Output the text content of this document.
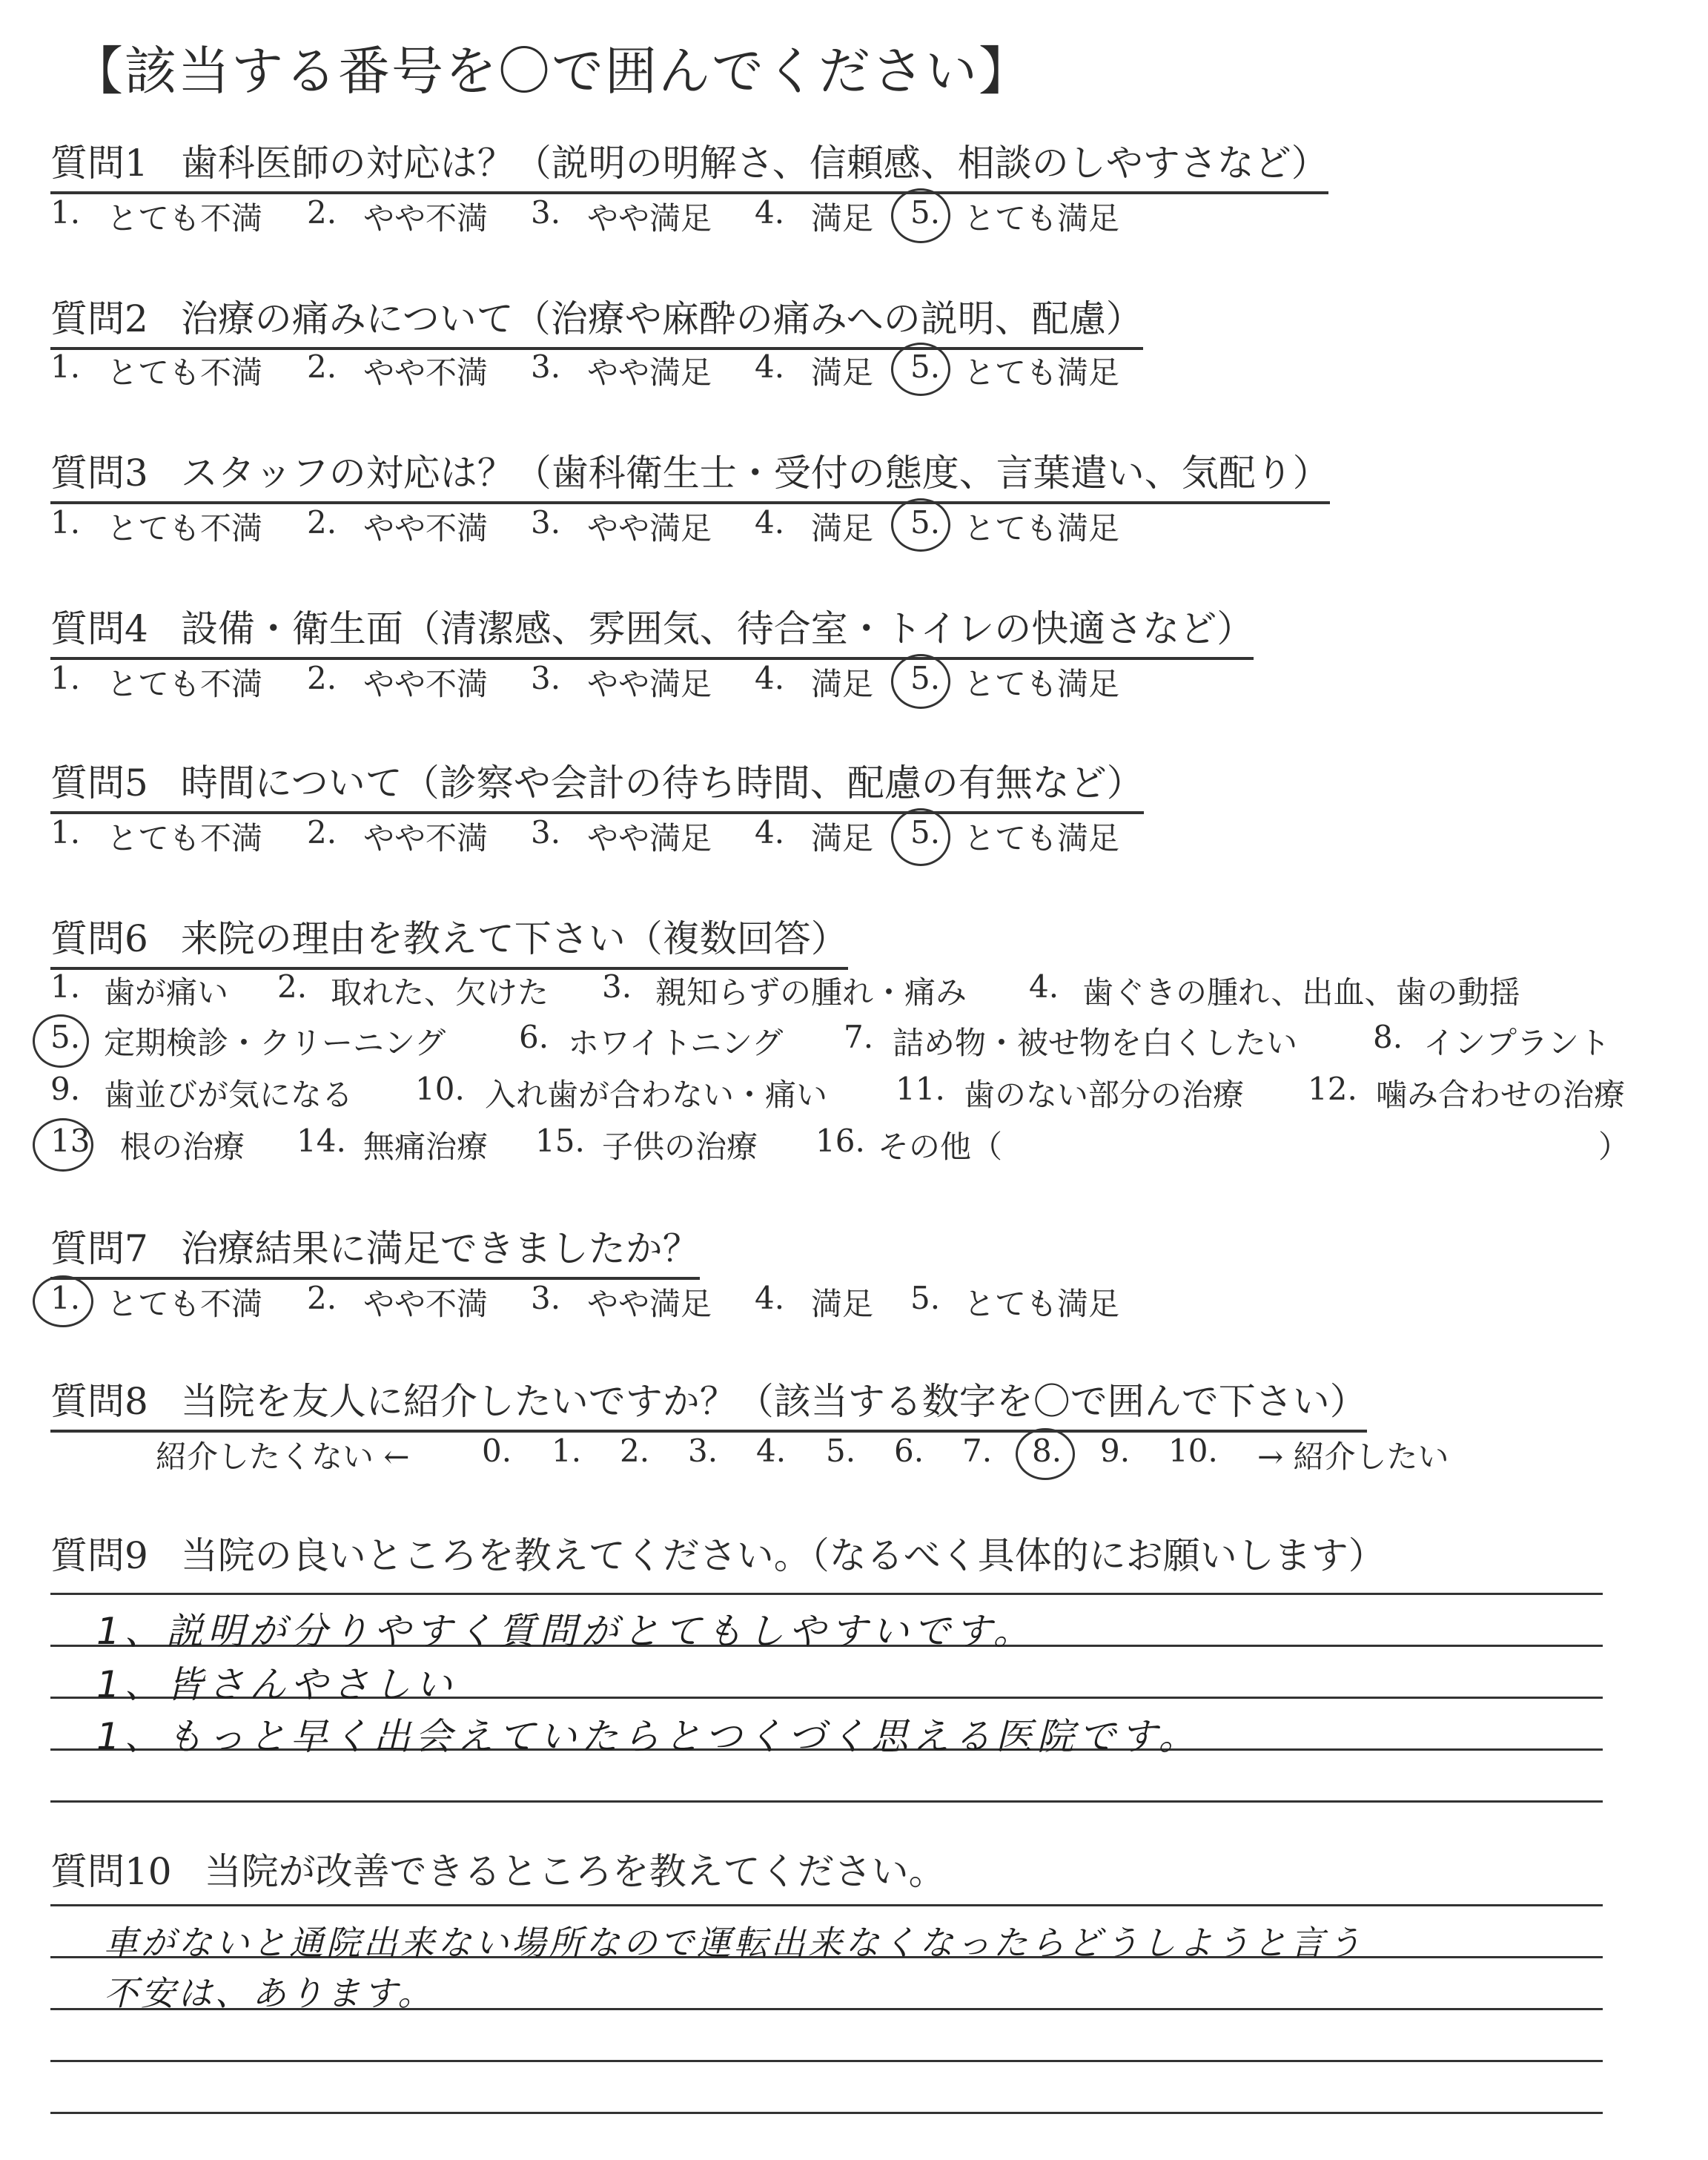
【該当する番号を〇で囲んでください】
質問1 歯科医師の対応は？（説明の明解さ、信頼感、相談のしやすさなど）
1. とても不満 2. やや不満 3. やや満足 4. 満足 5. とても満足
質問2 治療の痛みについて（治療や麻酔の痛みへの説明、配慮）
1. とても不満 2. やや不満 3. やや満足 4. 満足 5. とても満足
質問3 スタッフの対応は？（歯科衛生士・受付の態度、言葉遣い、気配り）
1. とても不満 2. やや不満 3. やや満足 4. 満足 5. とても満足
質問4 設備・衛生面（清潔感、雰囲気、待合室・トイレの快適さなど）
1. とても不満 2. やや不満 3. やや満足 4. 満足 5. とても満足
質問5 時間について（診察や会計の待ち時間、配慮の有無など）
1. とても不満 2. やや不満 3. やや満足 4. 満足 5. とても満足
質問6 来院の理由を教えて下さい（複数回答）
1. 歯が痛い 2. 取れた、欠けた 3. 親知らずの腫れ・痛み 4. 歯ぐきの腫れ、出血、歯の動揺
5. 定期検診・クリーニング 6. ホワイトニング 7. 詰め物・被せ物を白くしたい 8. インプラント
9. 歯並びが気になる 10. 入れ歯が合わない・痛い 11. 歯のない部分の治療 12. 噛み合わせの治療
13 根の治療 14. 無痛治療 15. 子供の治療 16. その他（	）
質問7 治療結果に満足できましたか？
1. とても不満 2. やや不満 3. やや満足 4. 満足 5. とても満足
質問8 当院を友人に紹介したいですか？（該当する数字を〇で囲んで下さい）
紹介したくない ← 0. 1. 2. 3. 4. 5. 6. 7. 8. 9. 10. → 紹介したい
質問9 当院の良いところを教えてください。（なるべく具体的にお願いします）
1、説明が分りやすく質問がとてもしやすいです。
1、皆さんやさしい
1、もっと早く出会えていたらとつくづく思える医院です。
質問10 当院が改善できるところを教えてください。
車がないと通院出来ない場所なので運転出来なくなったらどうしようと言う
不安は、あります。
